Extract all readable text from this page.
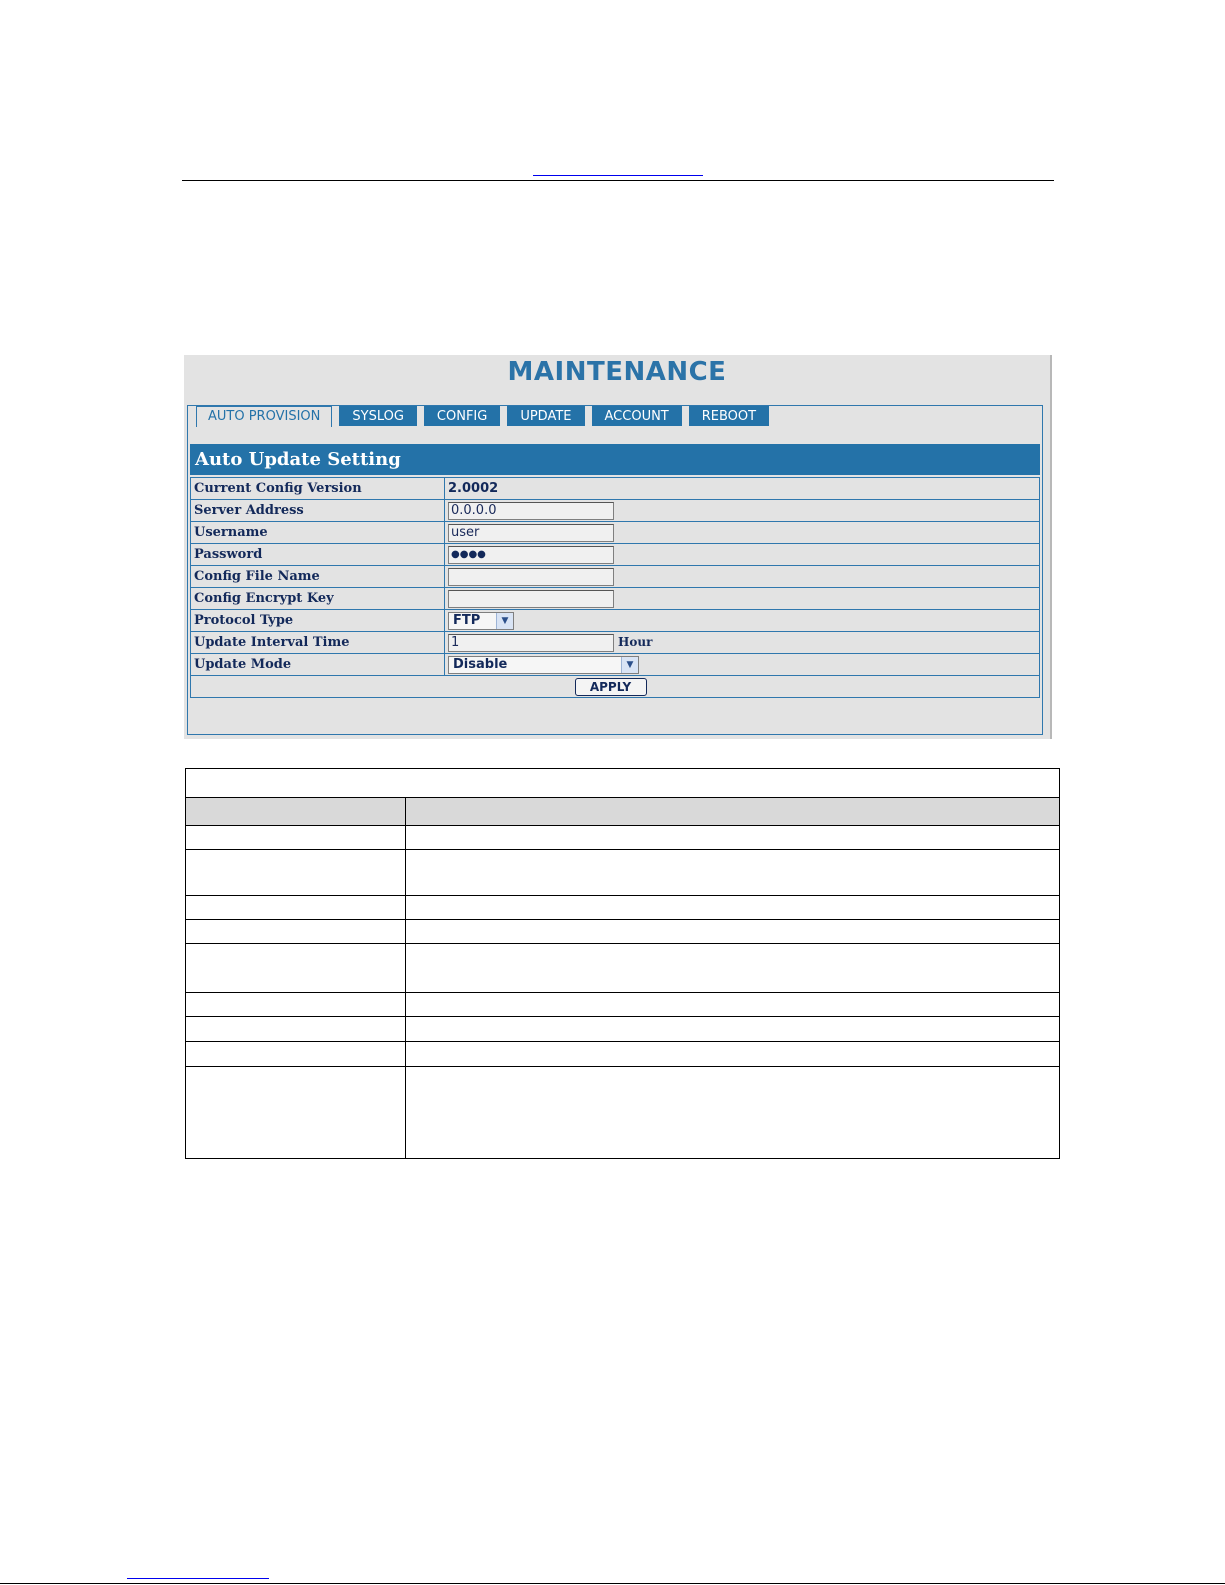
MAINTENANCE
AUTO PROVISION	SYSLOG	CONFIG	UPDATE	ACCOUNT	REBOOT
Auto Update Setting
Current Config Version	2.0002
Server Address	0.0.0.0
Username	user
Password	●●●●
Config File Name	
Config Encrypt Key	
Protocol Type	FTP ▼

Update Interval Time	1 Hour
Update Mode	Disable ▼

APPLY	
